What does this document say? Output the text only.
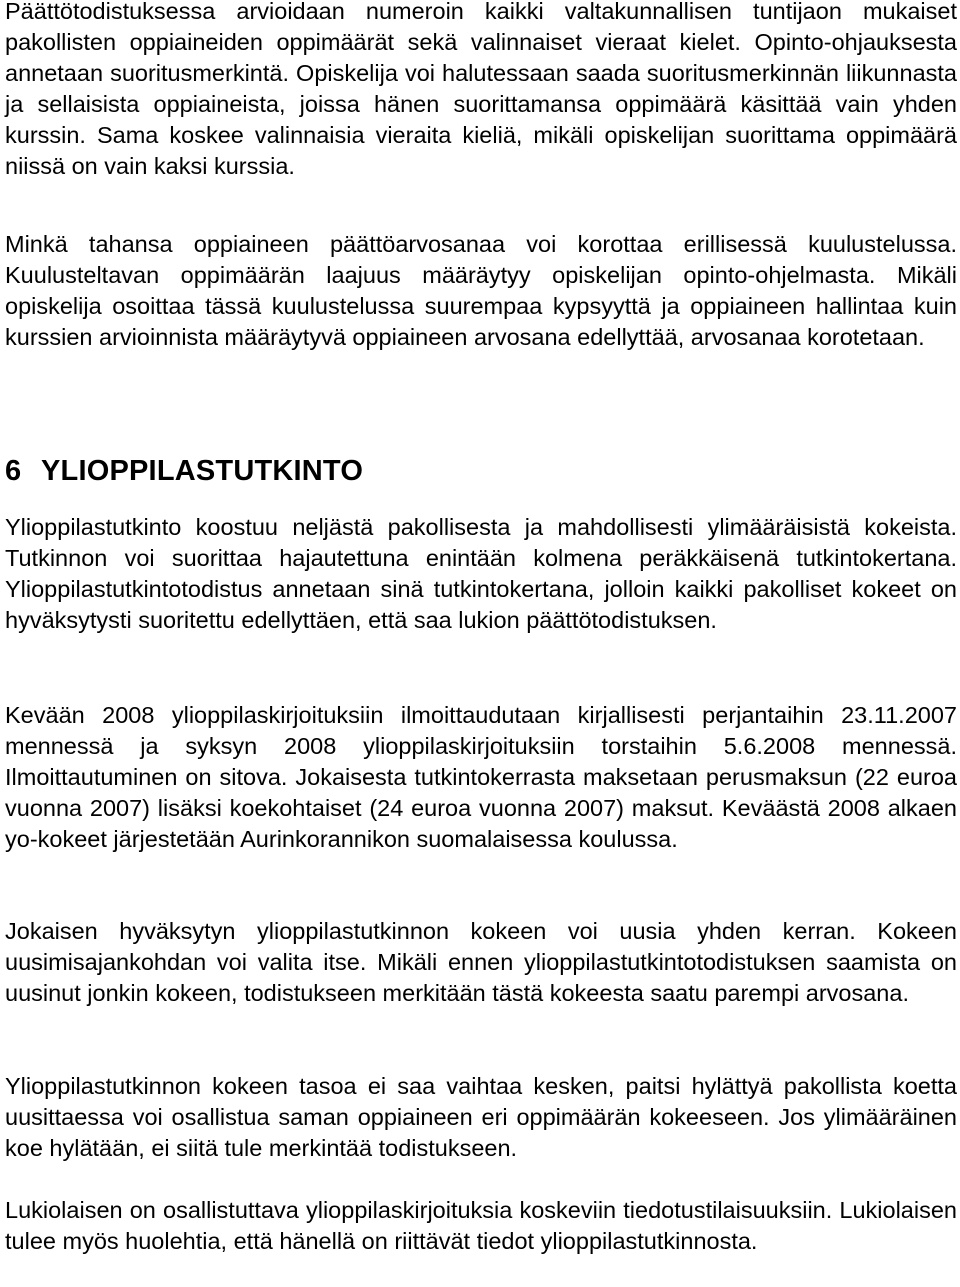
Päättötodistuksessa arvioidaan numeroin kaikki valtakunnallisen tuntijaon mukaiset pakollisten oppiaineiden oppimäärät sekä valinnaiset vieraat kielet. Opinto-ohjauksesta annetaan suoritusmerkintä. Opiskelija voi halutessaan saada suoritusmerkinnän liikunnasta ja sellaisista oppiaineista, joissa hänen suorittamansa oppimäärä käsittää vain yhden kurssin. Sama koskee valinnaisia vieraita kieliä, mikäli opiskelijan suorittama oppimäärä niissä on vain kaksi kurssia.

Minkä tahansa oppiaineen päättöarvosanaa voi korottaa erillisessä kuulustelussa. Kuulusteltavan oppimäärän laajuus määräytyy opiskelijan opinto-ohjelmasta. Mikäli opiskelija osoittaa tässä kuulustelussa suurempaa kypsyyttä ja oppiaineen hallintaa kuin kurssien arvioinnista määräytyvä oppiaineen arvosana edellyttää, arvosanaa korotetaan.

6 YLIOPPILASTUTKINTO

Ylioppilastutkinto koostuu neljästä pakollisesta ja mahdollisesti ylimääräisistä kokeista. Tutkinnon voi suorittaa hajautettuna enintään kolmena peräkkäisenä tutkintokertana. Ylioppilastutkintotodistus annetaan sinä tutkintokertana, jolloin kaikki pakolliset kokeet on hyväksytysti suoritettu edellyttäen, että saa lukion päättötodistuksen.

Kevään 2008 ylioppilaskirjoituksiin ilmoittaudutaan kirjallisesti perjantaihin 23.11.2007 mennessä ja syksyn 2008 ylioppilaskirjoituksiin torstaihin 5.6.2008 mennessä. Ilmoittautuminen on sitova. Jokaisesta tutkintokerrasta maksetaan perusmaksun (22 euroa vuonna 2007) lisäksi koekohtaiset (24 euroa vuonna 2007) maksut. Keväästä 2008 alkaen yo-kokeet järjestetään Aurinkorannikon suomalaisessa koulussa.

Jokaisen hyväksytyn ylioppilastutkinnon kokeen voi uusia yhden kerran. Kokeen uusimisajankohdan voi valita itse. Mikäli ennen ylioppilastutkintotodistuksen saamista on uusinut jonkin kokeen, todistukseen merkitään tästä kokeesta saatu parempi arvosana.

Ylioppilastutkinnon kokeen tasoa ei saa vaihtaa kesken, paitsi hylättyä pakollista koetta uusittaessa voi osallistua saman oppiaineen eri oppimäärän kokeeseen. Jos ylimääräinen koe hylätään, ei siitä tule merkintää todistukseen.

Lukiolaisen on osallistuttava ylioppilaskirjoituksia koskeviin tiedotustilaisuuksiin. Lukiolaisen tulee myös huolehtia, että hänellä on riittävät tiedot ylioppilastutkinnosta.
